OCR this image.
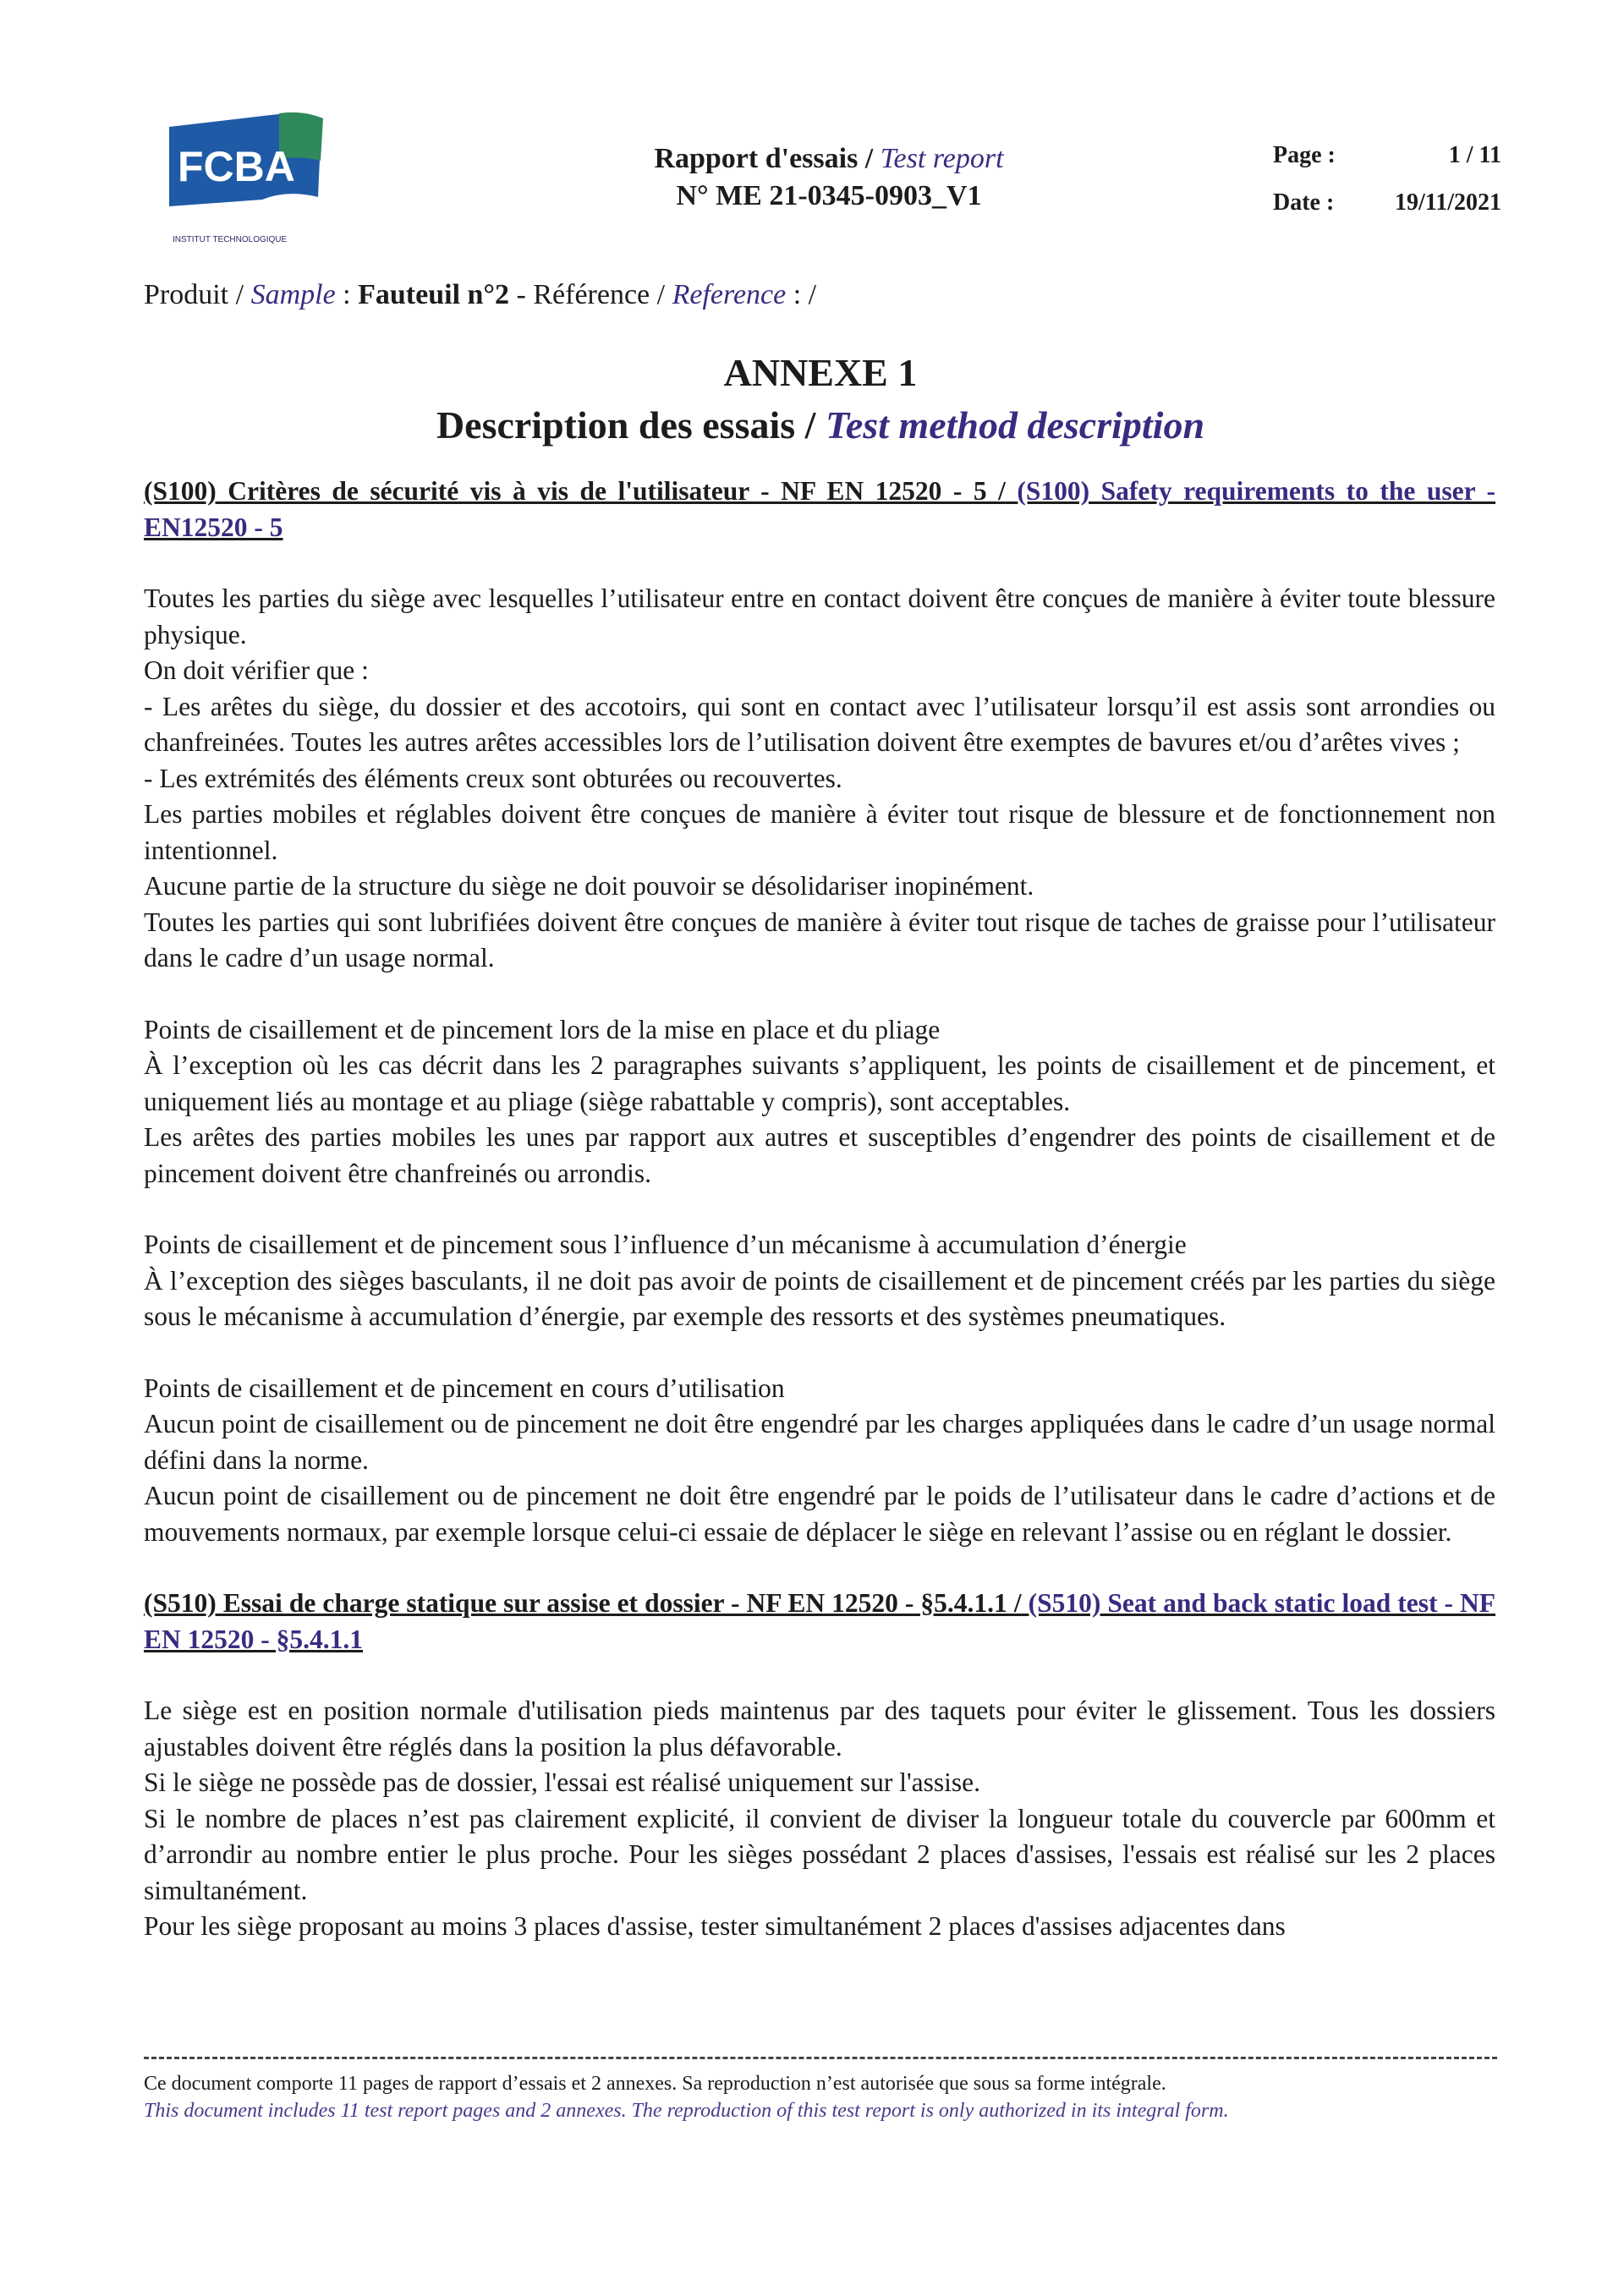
FCBA
INSTITUT TECHNOLOGIQUE
Rapport d'essais / Test report
N° ME 21-0345-0903_V1
Page :	1 / 11
Date :	19/11/2021
Produit / Sample : Fauteuil n°2 - Référence / Reference : /
ANNEXE 1
Description des essais / Test method description
(S100) Critères de sécurité vis à vis de l'utilisateur - NF EN 12520 - 5 / (S100) Safety requirements to the user - EN12520 - 5

Toutes les parties du siège avec lesquelles l’utilisateur entre en contact doivent être conçues de manière à éviter toute blessure physique.

On doit vérifier que :

- Les arêtes du siège, du dossier et des accotoirs, qui sont en contact avec l’utilisateur lorsqu’il est assis sont arrondies ou chanfreinées. Toutes les autres arêtes accessibles lors de l’utilisation doivent être exemptes de bavures et/ou d’arêtes vives ;

- Les extrémités des éléments creux sont obturées ou recouvertes.

Les parties mobiles et réglables doivent être conçues de manière à éviter tout risque de blessure et de fonctionnement non intentionnel.

Aucune partie de la structure du siège ne doit pouvoir se désolidariser inopinément.

Toutes les parties qui sont lubrifiées doivent être conçues de manière à éviter tout risque de taches de graisse pour l’utilisateur dans le cadre d’un usage normal.

Points de cisaillement et de pincement lors de la mise en place et du pliage

À l’exception où les cas décrit dans les 2 paragraphes suivants s’appliquent, les points de cisaillement et de pincement, et uniquement liés au montage et au pliage (siège rabattable y compris), sont acceptables.

Les arêtes des parties mobiles les unes par rapport aux autres et susceptibles d’engendrer des points de cisaillement et de pincement doivent être chanfreinés ou arrondis.

Points de cisaillement et de pincement sous l’influence d’un mécanisme à accumulation d’énergie

À l’exception des sièges basculants, il ne doit pas avoir de points de cisaillement et de pincement créés par les parties du siège sous le mécanisme à accumulation d’énergie, par exemple des ressorts et des systèmes pneumatiques.

Points de cisaillement et de pincement en cours d’utilisation

Aucun point de cisaillement ou de pincement ne doit être engendré par les charges appliquées dans le cadre d’un usage normal défini dans la norme.

Aucun point de cisaillement ou de pincement ne doit être engendré par le poids de l’utilisateur dans le cadre d’actions et de mouvements normaux, par exemple lorsque celui-ci essaie de déplacer le siège en relevant l’assise ou en réglant le dossier.

(S510) Essai de charge statique sur assise et dossier - NF EN 12520 - §5.4.1.1 / (S510) Seat and back static load test - NF EN 12520 - §5.4.1.1

Le siège est en position normale d'utilisation pieds maintenus par des taquets pour éviter le glissement. Tous les dossiers ajustables doivent être réglés dans la position la plus défavorable.

Si le siège ne possède pas de dossier, l'essai est réalisé uniquement sur l'assise.

Si le nombre de places n’est pas clairement explicité, il convient de diviser la longueur totale du couvercle par 600mm et d’arrondir au nombre entier le plus proche. Pour les sièges possédant 2 places d'assises, l'essais est réalisé sur les 2 places simultanément.

Pour les siège proposant au moins 3 places d'assise, tester simultanément 2 places d'assises adjacentes dans

Ce document comporte 11 pages de rapport d’essais et 2 annexes. Sa reproduction n’est autorisée que sous sa forme intégrale.
This document includes 11 test report pages and 2 annexes. The reproduction of this test report is only authorized in its integral form.
